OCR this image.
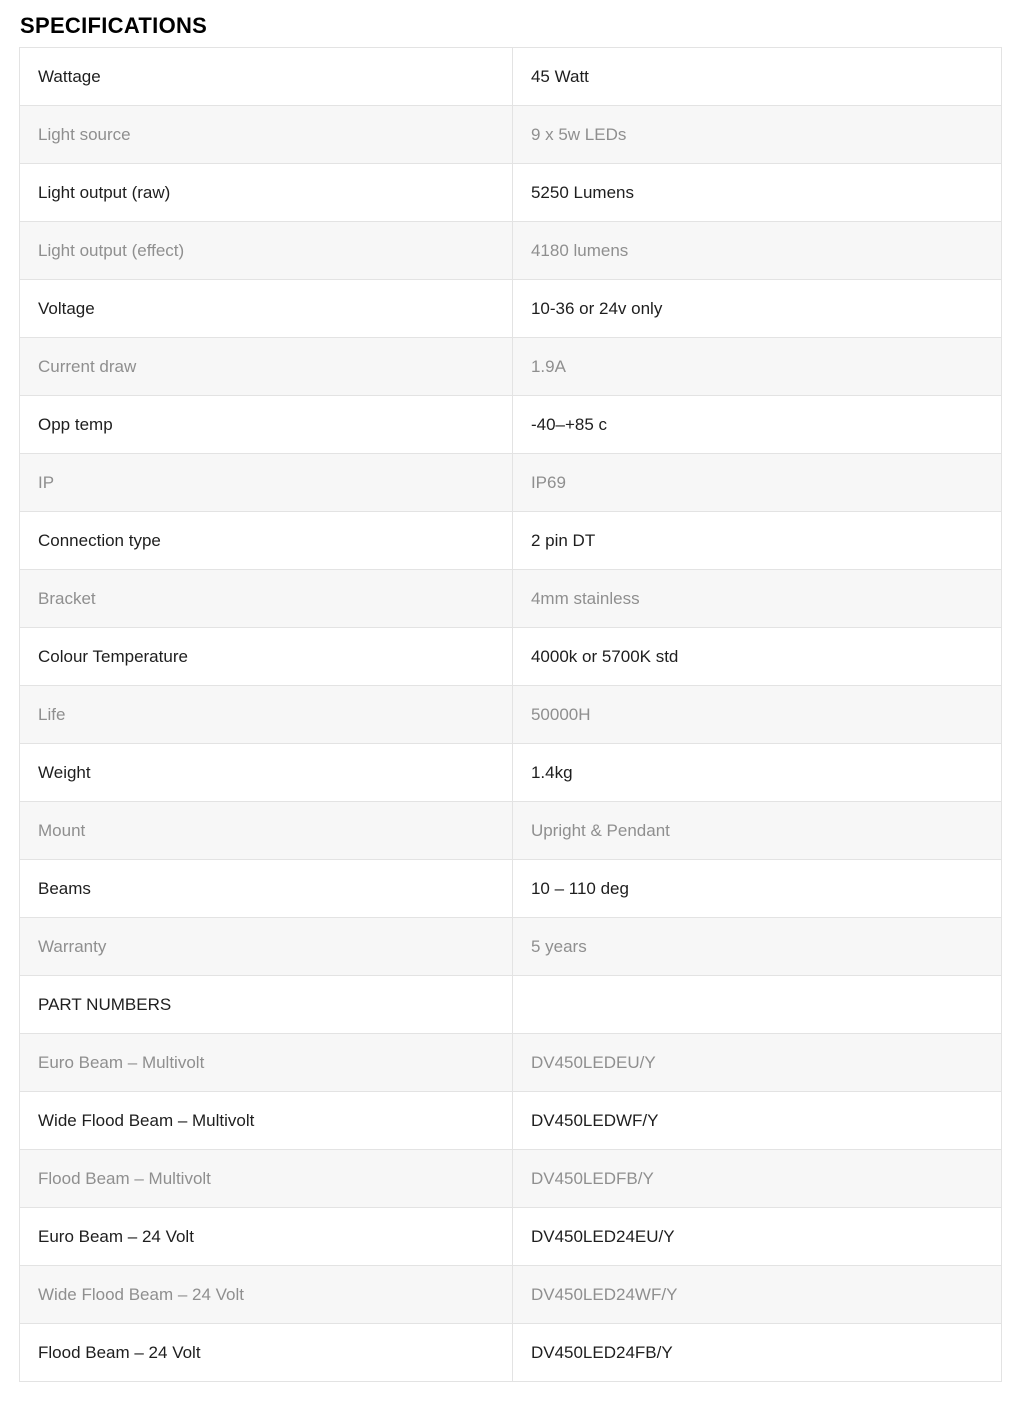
SPECIFICATIONS
Wattage	45 Watt
Light source	9 x 5w LEDs
Light output (raw)	5250 Lumens
Light output (effect)	4180 lumens
Voltage	10-36 or 24v only
Current draw	1.9A
Opp temp	-40–+85 c
IP	IP69
Connection type	2 pin DT
Bracket	4mm stainless
Colour Temperature	4000k or 5700K std
Life	50000H
Weight	1.4kg
Mount	Upright & Pendant
Beams	10 – 110 deg
Warranty	5 years
PART NUMBERS	
Euro Beam – Multivolt	DV450LEDEU/Y
Wide Flood Beam – Multivolt	DV450LEDWF/Y
Flood Beam – Multivolt	DV450LEDFB/Y
Euro Beam – 24 Volt	DV450LED24EU/Y
Wide Flood Beam – 24 Volt	DV450LED24WF/Y
Flood Beam – 24 Volt	DV450LED24FB/Y
